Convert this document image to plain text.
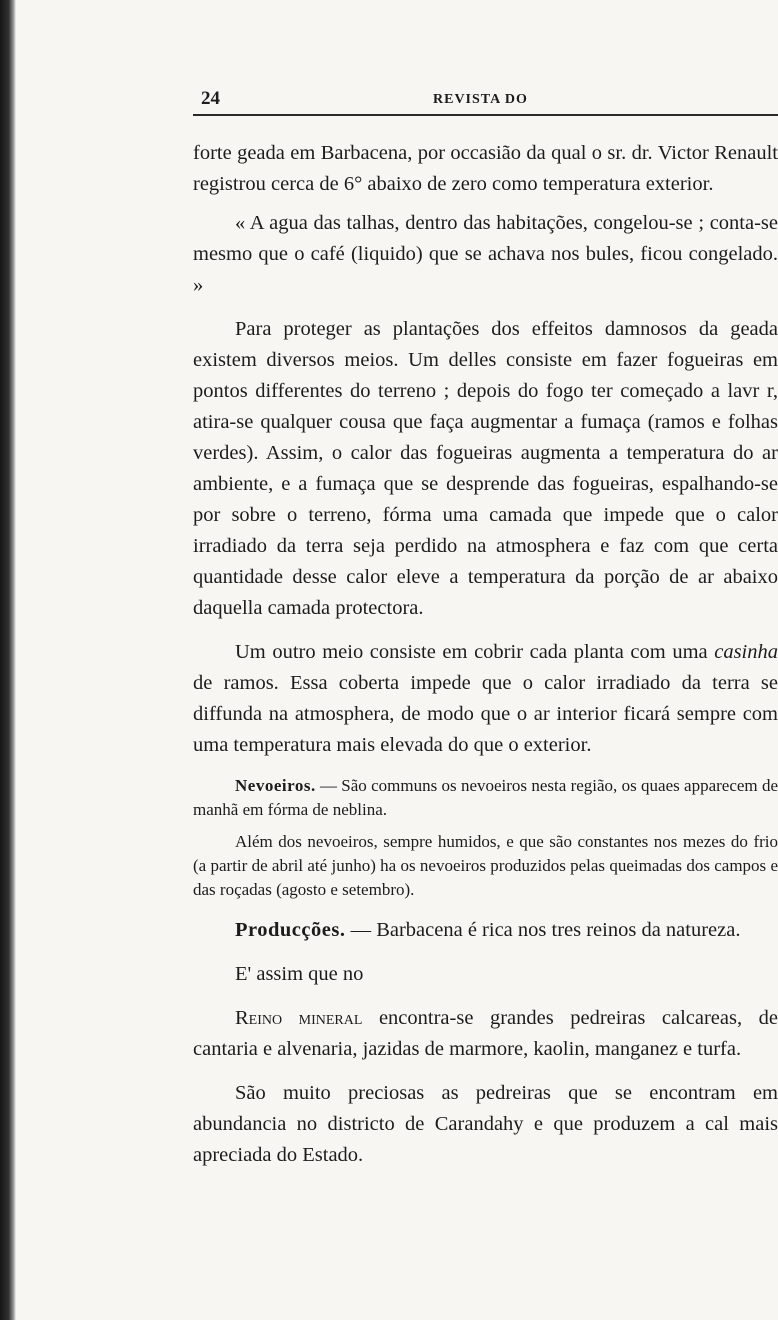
24	REVISTA DO

forte geada em Barbacena, por occasião da qual o sr. dr. Victor Renault registrou cerca de 6° abaixo de zero como temperatura exterior.

« A agua das talhas, dentro das habitações, congelou-se ; conta-se mesmo que o café (liquido) que se achava nos bules, ficou congelado. »

Para proteger as plantações dos effeitos damnosos da geada existem diversos meios. Um delles consiste em fazer fogueiras em pontos differentes do terreno ; depois do fogo ter começado a lavr r, atira-se qualquer cousa que faça augmentar a fumaça (ramos e folhas verdes). Assim, o calor das fogueiras augmenta a temperatura do ar ambiente, e a fumaça que se desprende das fogueiras, espalhando-se por sobre o terreno, fórma uma camada que impede que o calor irradiado da terra seja perdido na atmosphera e faz com que certa quantidade desse calor eleve a temperatura da porção de ar abaixo daquella camada protectora.

Um outro meio consiste em cobrir cada planta com uma casinha de ramos. Essa coberta impede que o calor irradiado da terra se diffunda na atmosphera, de modo que o ar interior ficará sempre com uma temperatura mais elevada do que o exterior.

Nevoeiros. — São communs os nevoeiros nesta região, os quaes apparecem de manhã em fórma de neblina.

Além dos nevoeiros, sempre humidos, e que são constantes nos mezes do frio (a partir de abril até junho) ha os nevoeiros produzidos pelas queimadas dos campos e das roçadas (agosto e setembro).

Producções. — Barbacena é rica nos tres reinos da natureza.

E' assim que no

Reino mineral encontra-se grandes pedreiras calcareas, de cantaria e alvenaria, jazidas de marmore, kaolin, manganez e turfa.

São muito preciosas as pedreiras que se encontram em abundancia no districto de Carandahy e que produzem a cal mais apreciada do Estado.
